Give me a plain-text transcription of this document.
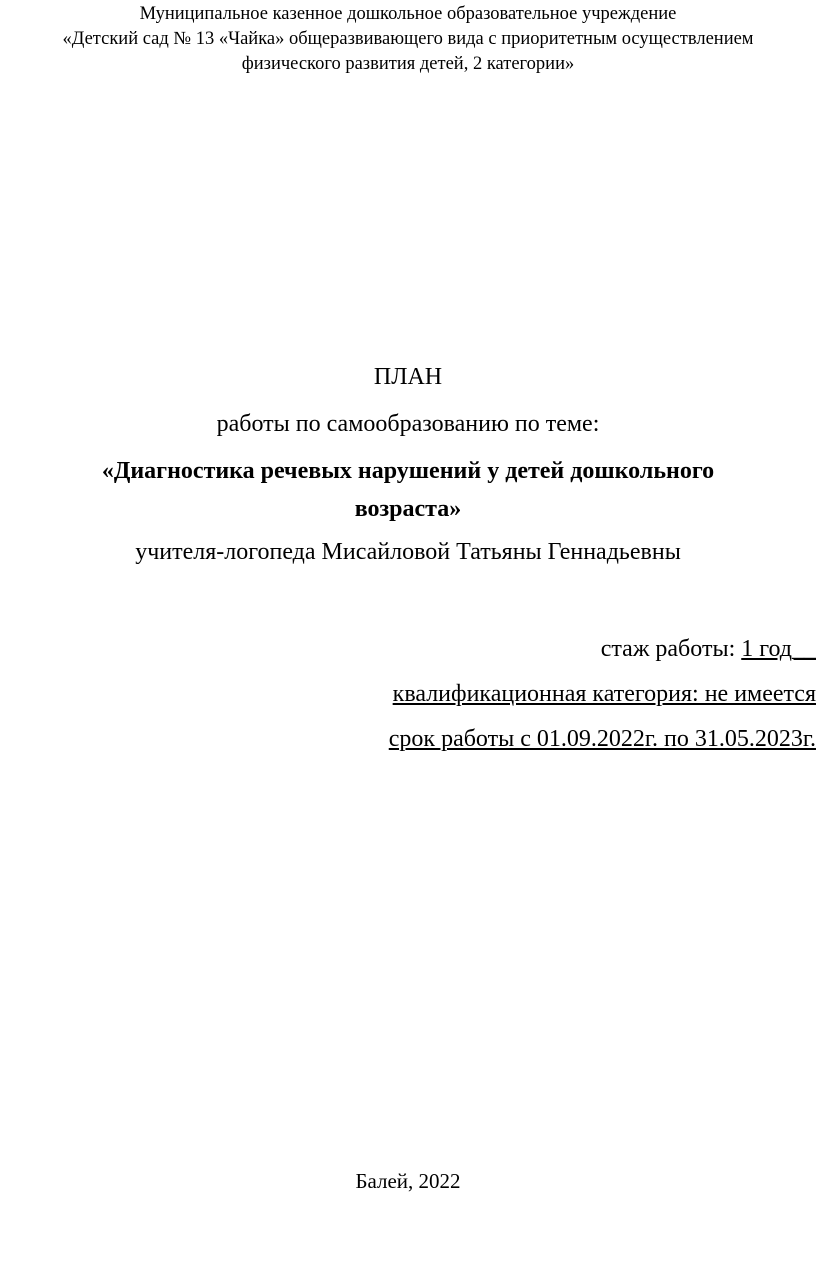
Муниципальное казенное дошкольное образовательное учреждение
«Детский сад № 13 «Чайка» общеразвивающего вида с приоритетным осуществлением
физического развития детей, 2 категории»
ПЛАН
работы по самообразованию по теме:
«Диагностика речевых нарушений у детей дошкольного
возраста»
учителя-логопеда Мисайловой Татьяны Геннадьевны
стаж работы: 1 год__
квалификационная категория: не имеется
срок работы с 01.09.2022г. по 31.05.2023г.
Балей, 2022
